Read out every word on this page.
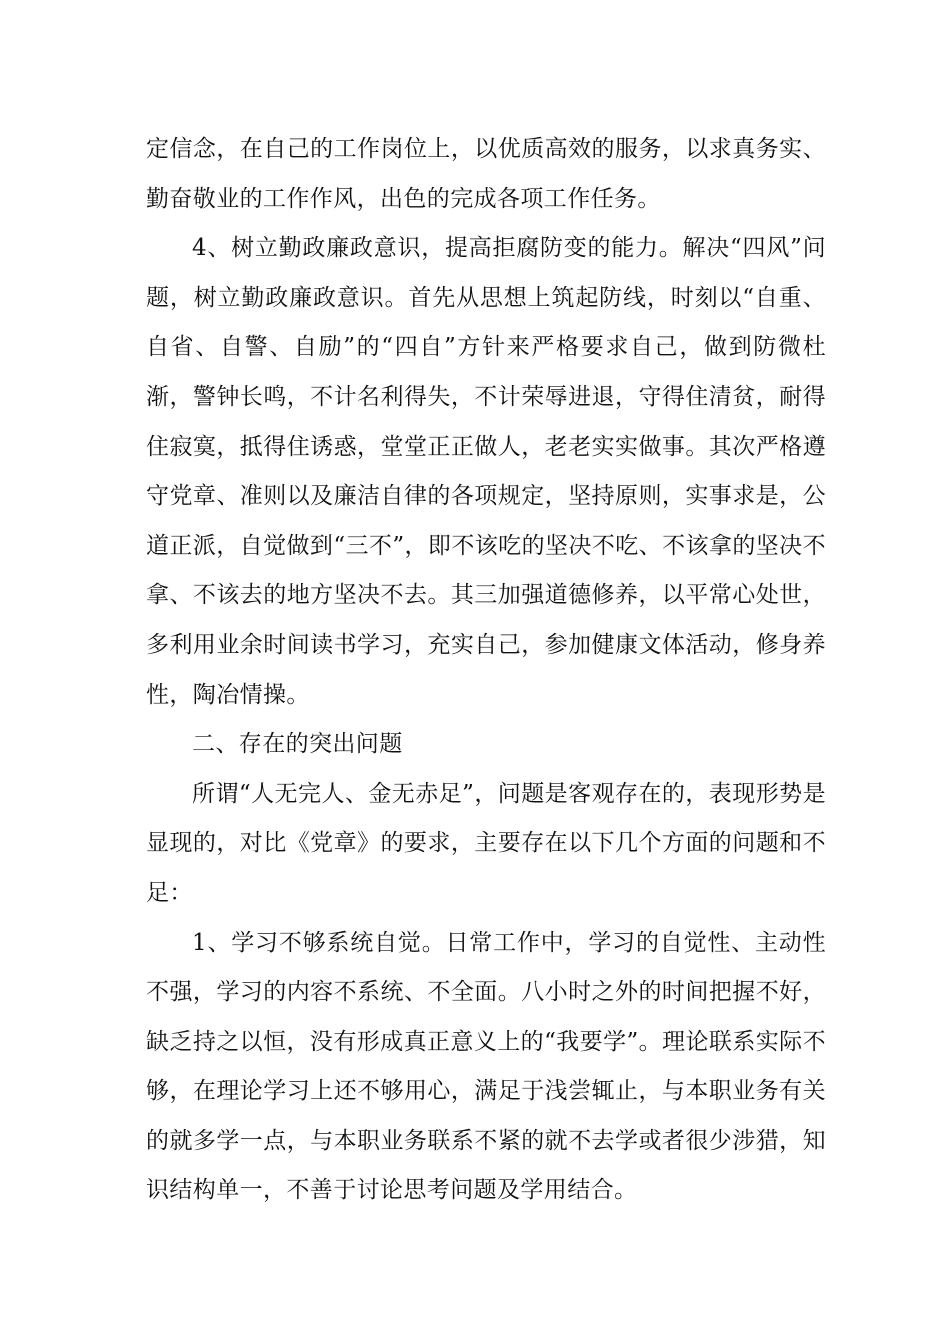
定信念，在自己的工作岗位上，以优质高效的服务，以求真务实、勤奋敬业的工作作风，出色的完成各项工作任务。

4、树立勤政廉政意识，提高拒腐防变的能力。解决“四风”问题，树立勤政廉政意识。首先从思想上筑起防线，时刻以“自重、自省、自警、自励”的“四自”方针来严格要求自己，做到防微杜渐，警钟长鸣，不计名利得失，不计荣辱进退，守得住清贫，耐得住寂寞，抵得住诱惑，堂堂正正做人，老老实实做事。其次严格遵守党章、准则以及廉洁自律的各项规定，坚持原则，实事求是，公道正派，自觉做到“三不”，即不该吃的坚决不吃、不该拿的坚决不拿、不该去的地方坚决不去。其三加强道德修养，以平常心处世，多利用业余时间读书学习，充实自己，参加健康文体活动，修身养性，陶冶情操。

二、存在的突出问题

所谓“人无完人、金无赤足”，问题是客观存在的，表现形势是显现的，对比《党章》的要求，主要存在以下几个方面的问题和不足：

1、学习不够系统自觉。日常工作中，学习的自觉性、主动性不强，学习的内容不系统、不全面。八小时之外的时间把握不好，缺乏持之以恒，没有形成真正意义上的“我要学”。理论联系实际不够，在理论学习上还不够用心，满足于浅尝辄止，与本职业务有关的就多学一点，与本职业务联系不紧的就不去学或者很少涉猎，知识结构单一，不善于讨论思考问题及学用结合。
